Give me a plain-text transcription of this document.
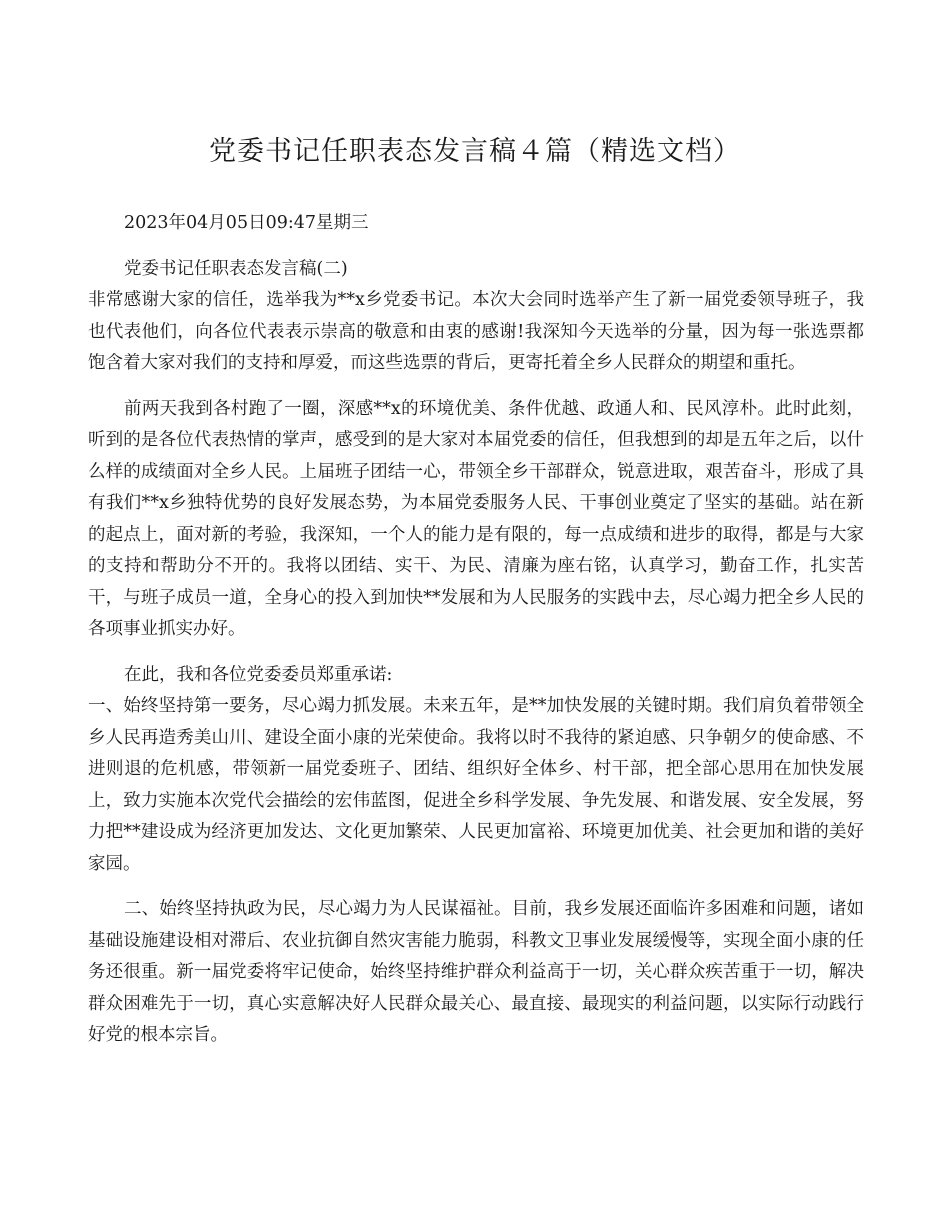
党委书记任职表态发言稿４篇（精选文档）

2023年04月05日09:47星期三

党委书记任职表态发言稿(二)

非常感谢大家的信任，选举我为**x乡党委书记。本次大会同时选举产生了新一届党委领导班子，我也代表他们，向各位代表表示崇高的敬意和由衷的感谢!我深知今天选举的分量，因为每一张选票都饱含着大家对我们的支持和厚爱，而这些选票的背后，更寄托着全乡人民群众的期望和重托。

前两天我到各村跑了一圈，深感**x的环境优美、条件优越、政通人和、民风淳朴。此时此刻，听到的是各位代表热情的掌声，感受到的是大家对本届党委的信任，但我想到的却是五年之后，以什么样的成绩面对全乡人民。上届班子团结一心，带领全乡干部群众，锐意进取，艰苦奋斗，形成了具有我们**x乡独特优势的良好发展态势，为本届党委服务人民、干事创业奠定了坚实的基础。站在新的起点上，面对新的考验，我深知，一个人的能力是有限的，每一点成绩和进步的取得，都是与大家的支持和帮助分不开的。我将以团结、实干、为民、清廉为座右铭，认真学习，勤奋工作，扎实苦干，与班子成员一道，全身心的投入到加快**发展和为人民服务的实践中去，尽心竭力把全乡人民的各项事业抓实办好。

在此，我和各位党委委员郑重承诺:

一、始终坚持第一要务，尽心竭力抓发展。未来五年，是**加快发展的关键时期。我们肩负着带领全乡人民再造秀美山川、建设全面小康的光荣使命。我将以时不我待的紧迫感、只争朝夕的使命感、不进则退的危机感，带领新一届党委班子、团结、组织好全体乡、村干部，把全部心思用在加快发展上，致力实施本次党代会描绘的宏伟蓝图，促进全乡科学发展、争先发展、和谐发展、安全发展，努力把**建设成为经济更加发达、文化更加繁荣、人民更加富裕、环境更加优美、社会更加和谐的美好家园。

二、始终坚持执政为民，尽心竭力为人民谋福祉。目前，我乡发展还面临许多困难和问题，诸如基础设施建设相对滞后、农业抗御自然灾害能力脆弱，科教文卫事业发展缓慢等，实现全面小康的任务还很重。新一届党委将牢记使命，始终坚持维护群众利益高于一切，关心群众疾苦重于一切，解决群众困难先于一切，真心实意解决好人民群众最关心、最直接、最现实的利益问题，以实际行动践行好党的根本宗旨。
